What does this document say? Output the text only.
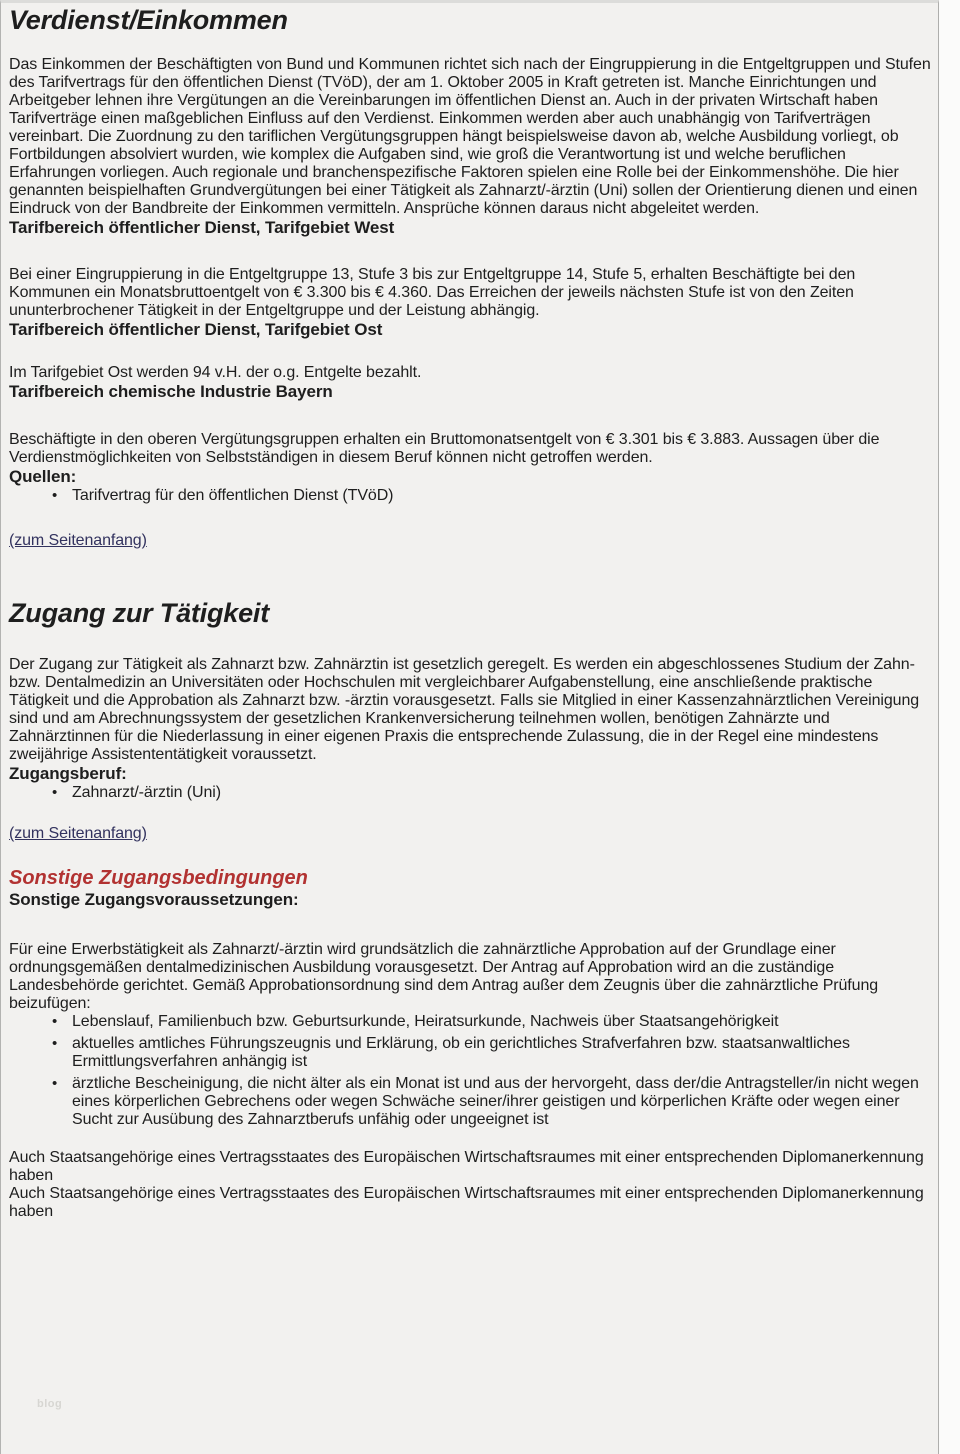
Verdienst/Einkommen

Das Einkommen der Beschäftigten von Bund und Kommunen richtet sich nach der Eingruppierung in die Entgeltgruppen und Stufen des Tarifvertrags für den öffentlichen Dienst (TVöD), der am 1. Oktober 2005 in Kraft getreten ist. Manche Einrichtungen und Arbeitgeber lehnen ihre Vergütungen an die Vereinbarungen im öffentlichen Dienst an. Auch in der privaten Wirtschaft haben Tarifverträge einen maßgeblichen Einfluss auf den Verdienst. Einkommen werden aber auch unabhängig von Tarifverträgen vereinbart. Die Zuordnung zu den tariflichen Vergütungsgruppen hängt beispielsweise davon ab, welche Ausbildung vorliegt, ob Fortbildungen absolviert wurden, wie komplex die Aufgaben sind, wie groß die Verantwortung ist und welche beruflichen Erfahrungen vorliegen. Auch regionale und branchenspezifische Faktoren spielen eine Rolle bei der Einkommenshöhe. Die hier genannten beispielhaften Grundvergütungen bei einer Tätigkeit als Zahnarzt/-ärztin (Uni) sollen der Orientierung dienen und einen Eindruck von der Bandbreite der Einkommen vermitteln. Ansprüche können daraus nicht abgeleitet werden.

Tarifbereich öffentlicher Dienst, Tarifgebiet West

Bei einer Eingruppierung in die Entgeltgruppe 13, Stufe 3 bis zur Entgeltgruppe 14, Stufe 5, erhalten Beschäftigte bei den Kommunen ein Monatsbruttoentgelt von € 3.300 bis € 4.360. Das Erreichen der jeweils nächsten Stufe ist von den Zeiten ununterbrochener Tätigkeit in der Entgeltgruppe und der Leistung abhängig.

Tarifbereich öffentlicher Dienst, Tarifgebiet Ost

Im Tarifgebiet Ost werden 94 v.H. der o.g. Entgelte bezahlt.

Tarifbereich chemische Industrie Bayern

Beschäftigte in den oberen Vergütungsgruppen erhalten ein Bruttomonatsentgelt von € 3.301 bis € 3.883. Aussagen über die Verdienstmöglichkeiten von Selbstständigen in diesem Beruf können nicht getroffen werden.

Quellen:
• Tarifvertrag für den öffentlichen Dienst (TVöD)

(zum Seitenanfang)

Zugang zur Tätigkeit

Der Zugang zur Tätigkeit als Zahnarzt bzw. Zahnärztin ist gesetzlich geregelt. Es werden ein abgeschlossenes Studium der Zahn- bzw. Dentalmedizin an Universitäten oder Hochschulen mit vergleichbarer Aufgabenstellung, eine anschließende praktische Tätigkeit und die Approbation als Zahnarzt bzw. -ärztin vorausgesetzt. Falls sie Mitglied in einer Kassenzahnärztlichen Vereinigung sind und am Abrechnungssystem der gesetzlichen Krankenversicherung teilnehmen wollen, benötigen Zahnärzte und Zahnärztinnen für die Niederlassung in einer eigenen Praxis die entsprechende Zulassung, die in der Regel eine mindestens zweijährige Assistententätigkeit voraussetzt.

Zugangsberuf:
• Zahnarzt/-ärztin (Uni)

(zum Seitenanfang)

Sonstige Zugangsbedingungen
Sonstige Zugangsvoraussetzungen:

Für eine Erwerbstätigkeit als Zahnarzt/-ärztin wird grundsätzlich die zahnärztliche Approbation auf der Grundlage einer ordnungsgemäßen dentalmedizinischen Ausbildung vorausgesetzt. Der Antrag auf Approbation wird an die zuständige Landesbehörde gerichtet. Gemäß Approbationsordnung sind dem Antrag außer dem Zeugnis über die zahnärztliche Prüfung beizufügen:

• Lebenslauf, Familienbuch bzw. Geburtsurkunde, Heiratsurkunde, Nachweis über Staatsangehörigkeit
• aktuelles amtliches Führungszeugnis und Erklärung, ob ein gerichtliches Strafverfahren bzw. staatsanwaltliches Ermittlungsverfahren anhängig ist
• ärztliche Bescheinigung, die nicht älter als ein Monat ist und aus der hervorgeht, dass der/die Antragsteller/in nicht wegen eines körperlichen Gebrechens oder wegen Schwäche seiner/ihrer geistigen und körperlichen Kräfte oder wegen einer Sucht zur Ausübung des Zahnarztberufs unfähig oder ungeeignet ist

Auch Staatsangehörige eines Vertragsstaates des Europäischen Wirtschaftsraumes mit einer entsprechenden Diplomanerkennung haben

Auch Staatsangehörige eines Vertragsstaates des Europäischen Wirtschaftsraumes mit einer entsprechenden Diplomanerkennung haben

blog
